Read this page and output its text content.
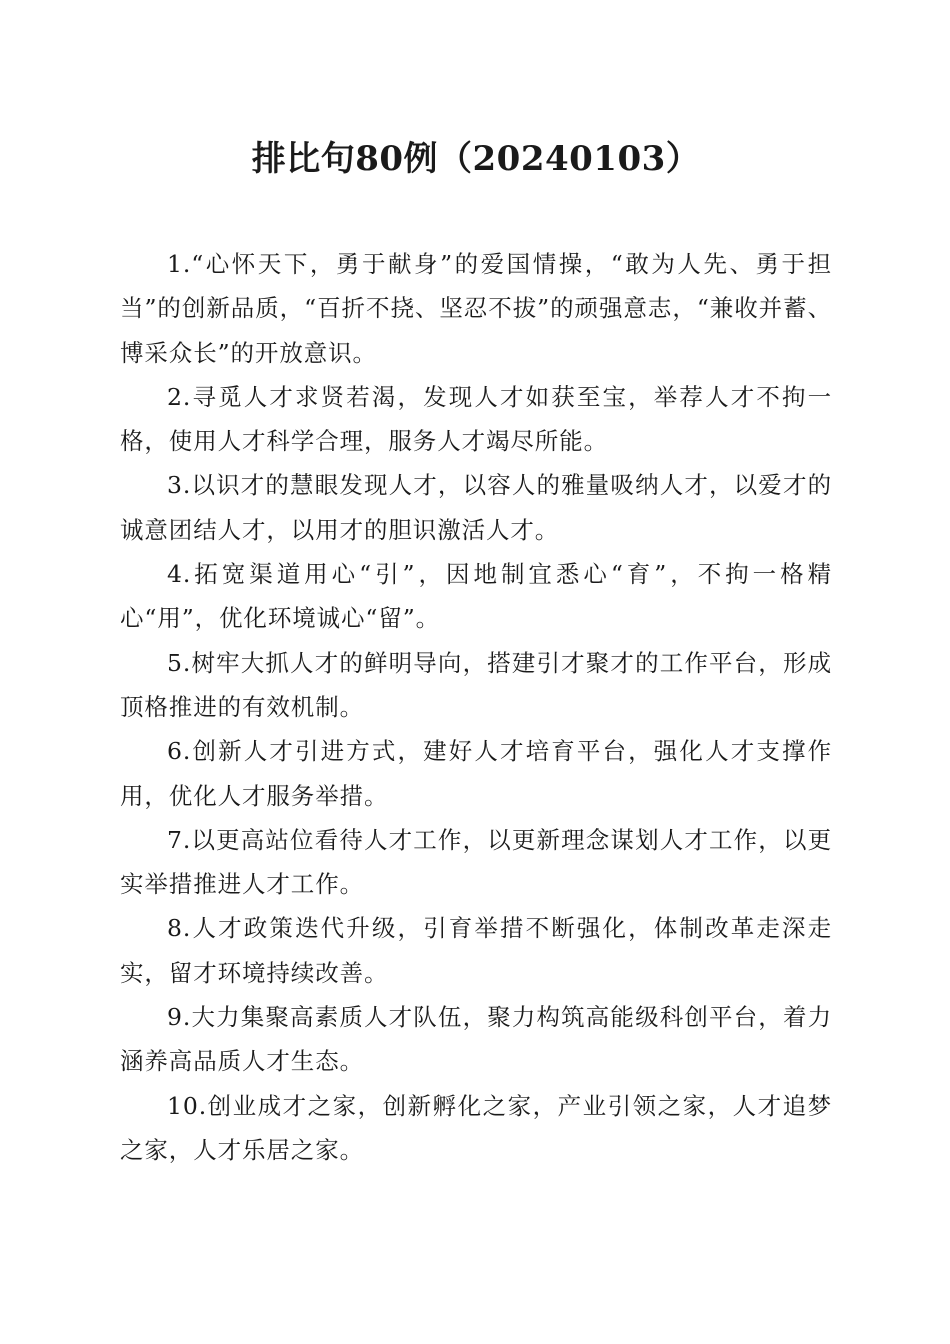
排比句80例（20240103）

1.“心怀天下，勇于献身”的爱国情操，“敢为人先、勇于担当”的创新品质，“百折不挠、坚忍不拔”的顽强意志，“兼收并蓄、博采众长”的开放意识。

2.寻觅人才求贤若渴，发现人才如获至宝，举荐人才不拘一格，使用人才科学合理，服务人才竭尽所能。

3.以识才的慧眼发现人才，以容人的雅量吸纳人才，以爱才的诚意团结人才，以用才的胆识激活人才。

4.拓宽渠道用心“引”，因地制宜悉心“育”，不拘一格精心“用”，优化环境诚心“留”。

5.树牢大抓人才的鲜明导向，搭建引才聚才的工作平台，形成顶格推进的有效机制。

6.创新人才引进方式，建好人才培育平台，强化人才支撑作用，优化人才服务举措。

7.以更高站位看待人才工作，以更新理念谋划人才工作，以更实举措推进人才工作。

8.人才政策迭代升级，引育举措不断强化，体制改革走深走实，留才环境持续改善。

9.大力集聚高素质人才队伍，聚力构筑高能级科创平台，着力涵养高品质人才生态。

10.创业成才之家，创新孵化之家，产业引领之家，人才追梦之家，人才乐居之家。
